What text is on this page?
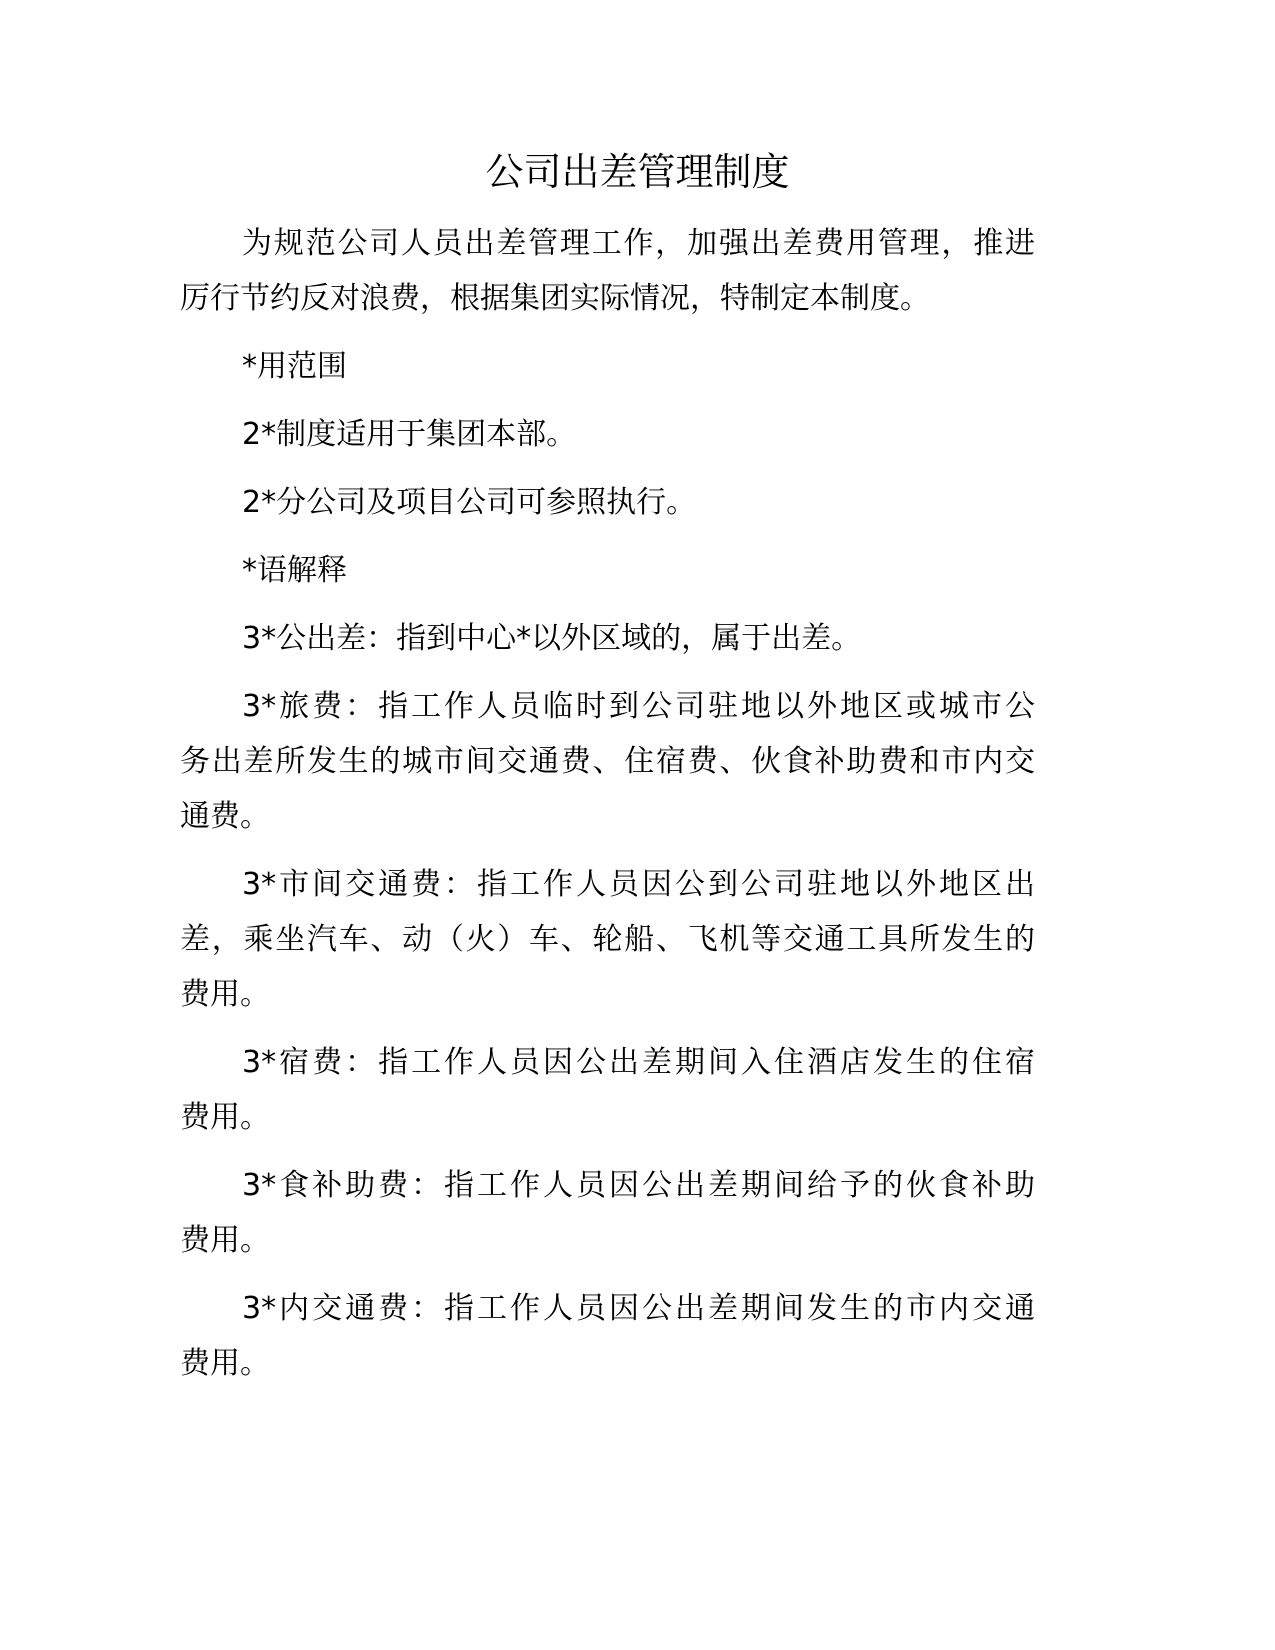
公司出差管理制度

为规范公司人员出差管理工作，加强出差费用管理，推进
厉行节约反对浪费，根据集团实际情况，特制定本制度。

*用范围

2*制度适用于集团本部。

2*分公司及项目公司可参照执行。

*语解释

3*公出差：指到中心*以外区域的，属于出差。

3*旅费：指工作人员临时到公司驻地以外地区或城市公
务出差所发生的城市间交通费、住宿费、伙食补助费和市内交
通费。

3*市间交通费：指工作人员因公到公司驻地以外地区出
差，乘坐汽车、动（火）车、轮船、飞机等交通工具所发生的
费用。

3*宿费：指工作人员因公出差期间入住酒店发生的住宿
费用。

3*食补助费：指工作人员因公出差期间给予的伙食补助
费用。

3*内交通费：指工作人员因公出差期间发生的市内交通
费用。
